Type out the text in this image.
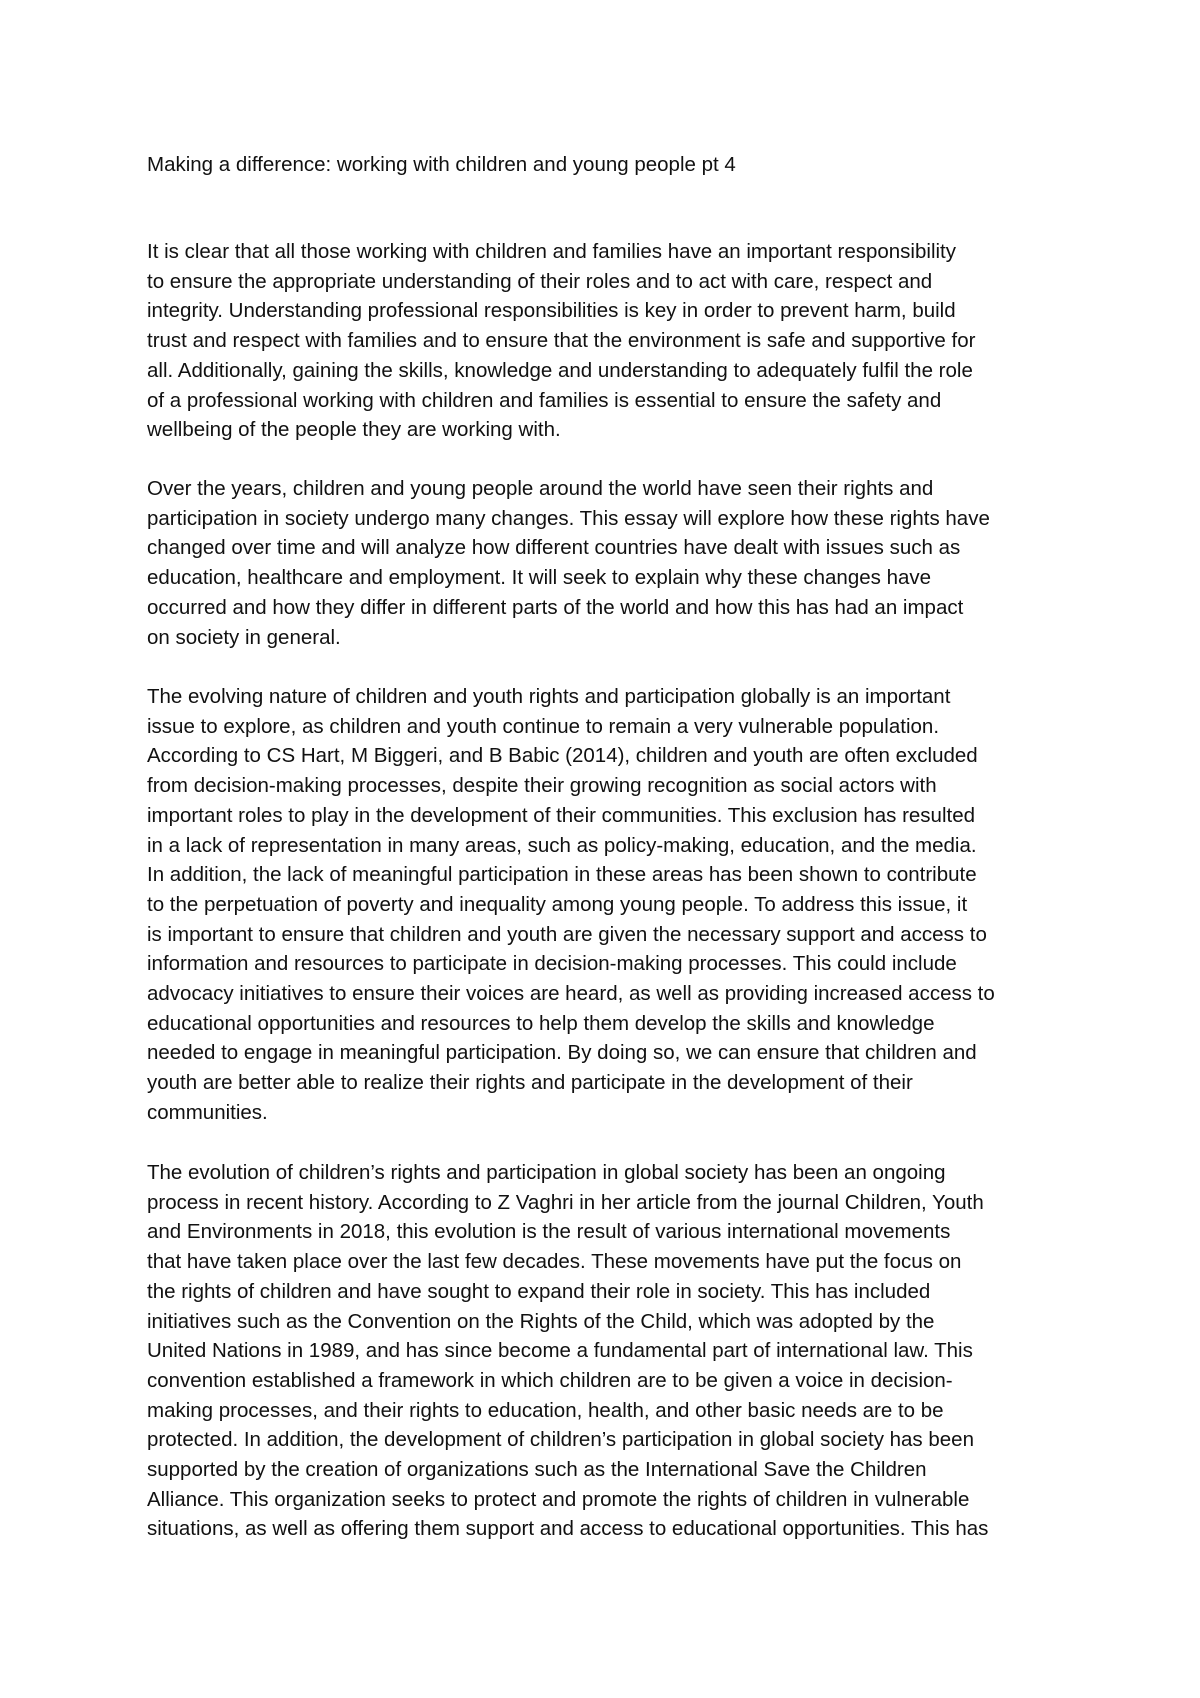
Making a difference: working with children and young people pt 4

It is clear that all those working with children and families have an important responsibility
to ensure the appropriate understanding of their roles and to act with care, respect and
integrity. Understanding professional responsibilities is key in order to prevent harm, build
trust and respect with families and to ensure that the environment is safe and supportive for
all. Additionally, gaining the skills, knowledge and understanding to adequately fulfil the role
of a professional working with children and families is essential to ensure the safety and
wellbeing of the people they are working with.

Over the years, children and young people around the world have seen their rights and
participation in society undergo many changes. This essay will explore how these rights have
changed over time and will analyze how different countries have dealt with issues such as
education, healthcare and employment. It will seek to explain why these changes have
occurred and how they differ in different parts of the world and how this has had an impact
on society in general.

The evolving nature of children and youth rights and participation globally is an important
issue to explore, as children and youth continue to remain a very vulnerable population.
According to CS Hart, M Biggeri, and B Babic (2014), children and youth are often excluded
from decision-making processes, despite their growing recognition as social actors with
important roles to play in the development of their communities. This exclusion has resulted
in a lack of representation in many areas, such as policy-making, education, and the media.
In addition, the lack of meaningful participation in these areas has been shown to contribute
to the perpetuation of poverty and inequality among young people. To address this issue, it
is important to ensure that children and youth are given the necessary support and access to
information and resources to participate in decision-making processes. This could include
advocacy initiatives to ensure their voices are heard, as well as providing increased access to
educational opportunities and resources to help them develop the skills and knowledge
needed to engage in meaningful participation. By doing so, we can ensure that children and
youth are better able to realize their rights and participate in the development of their
communities.

The evolution of children’s rights and participation in global society has been an ongoing
process in recent history. According to Z Vaghri in her article from the journal Children, Youth
and Environments in 2018, this evolution is the result of various international movements
that have taken place over the last few decades. These movements have put the focus on
the rights of children and have sought to expand their role in society. This has included
initiatives such as the Convention on the Rights of the Child, which was adopted by the
United Nations in 1989, and has since become a fundamental part of international law. This
convention established a framework in which children are to be given a voice in decision-
making processes, and their rights to education, health, and other basic needs are to be
protected. In addition, the development of children’s participation in global society has been
supported by the creation of organizations such as the International Save the Children
Alliance. This organization seeks to protect and promote the rights of children in vulnerable
situations, as well as offering them support and access to educational opportunities. This has
